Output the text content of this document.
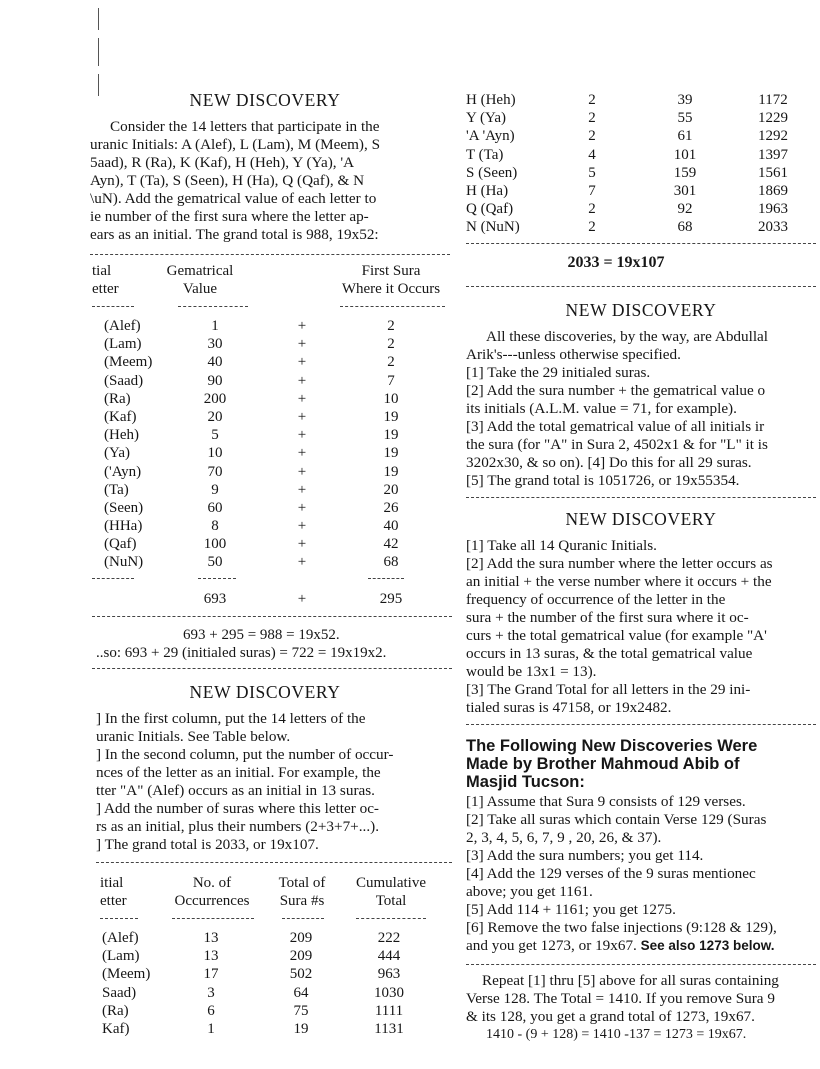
NEW DISCOVERY
Consider the 14 letters that participate in the
uranic Initials: A (Alef), L (Lam), M (Meem), S
5aad), R (Ra), K (Kaf), H (Heh), Y (Ya), 'A
Ayn), T (Ta), S (Seen), H (Ha), Q (Qaf), & N
\uN). Add the gematrical value of each letter to
ie number of the first sura where the letter ap-
ears as an initial. The grand total is 988, 19x52:
tial
etter
Gematrical
Value
First Sura
Where it Occurs
(Alef)	1	+	2
(Lam)	30	+	2
(Meem)	40	+	2
(Saad)	90	+	7
(Ra)	200	+	10
(Kaf)	20	+	19
(Heh)	5	+	19
(Ya)	10	+	19
('Ayn)	70	+	19
(Ta)	9	+	20
(Seen)	60	+	26
(HHa)	8	+	40
(Qaf)	100	+	42
(NuN)	50	+	68
693	+	295
693 + 295 = 988 = 19x52.
..so: 693 + 29 (initialed suras) = 722 = 19x19x2.
NEW DISCOVERY
] In the first column, put the 14 letters of the
uranic Initials. See Table below.
] In the second column, put the number of occur-
nces of the letter as an initial. For example, the
tter "A" (Alef) occurs as an initial in 13 suras.
] Add the number of suras where this letter oc-
rs as an initial, plus their numbers (2+3+7+...).
] The grand total is 2033, or 19x107.
itial
etter
No. of
Occurrences
Total of
Sura #s
Cumulative
Total
(Alef)	13	209	222
(Lam)	13	209	444
(Meem)	17	502	963
Saad)	3	64	1030
(Ra)	6	75	1111
Kaf)	1	19	1131
H (Heh)	2	39	1172
Y (Ya)	2	55	1229
'A 'Ayn)	2	61	1292
T (Ta)	4	101	1397
S (Seen)	5	159	1561
H (Ha)	7	301	1869
Q (Qaf)	2	92	1963
N (NuN)	2	68	2033
2033 = 19x107
NEW DISCOVERY
All these discoveries, by the way, are Abdullal
Arik's---unless otherwise specified.
[1] Take the 29 initialed suras.
[2] Add the sura number + the gematrical value o
its initials (A.L.M. value = 71, for example).
[3] Add the total gematrical value of all initials ir
the sura (for "A" in Sura 2, 4502x1 & for "L" it is
3202x30, & so on). [4] Do this for all 29 suras.
[5] The grand total is 1051726, or 19x55354.
NEW DISCOVERY
[1] Take all 14 Quranic Initials.
[2] Add the sura number where the letter occurs as
an initial + the verse number where it occurs + the
frequency of occurrence of the letter in the
sura + the number of the first sura where it oc-
curs + the total gematrical value (for example "A'
occurs in 13 suras, & the total gematrical value
would be 13x1 = 13).
[3] The Grand Total for all letters in the 29 ini-
tialed suras is 47158, or 19x2482.
The Following New Discoveries Were
Made by Brother Mahmoud Abib of
Masjid Tucson:
[1] Assume that Sura 9 consists of 129 verses.
[2] Take all suras which contain Verse 129 (Suras
2, 3, 4, 5, 6, 7, 9 , 20, 26, & 37).
[3] Add the sura numbers; you get 114.
[4] Add the 129 verses of the 9 suras mentionec
above; you get 1161.
[5] Add 114 + 1161; you get 1275.
[6] Remove the two false injections (9:128 & 129),
and you get 1273, or 19x67. See also 1273 below.
Repeat [1] thru [5] above for all suras containing
Verse 128. The Total = 1410. If you remove Sura 9
& its 128, you get a grand total of 1273, 19x67.
1410 - (9 + 128) = 1410 -137 = 1273 = 19x67.
